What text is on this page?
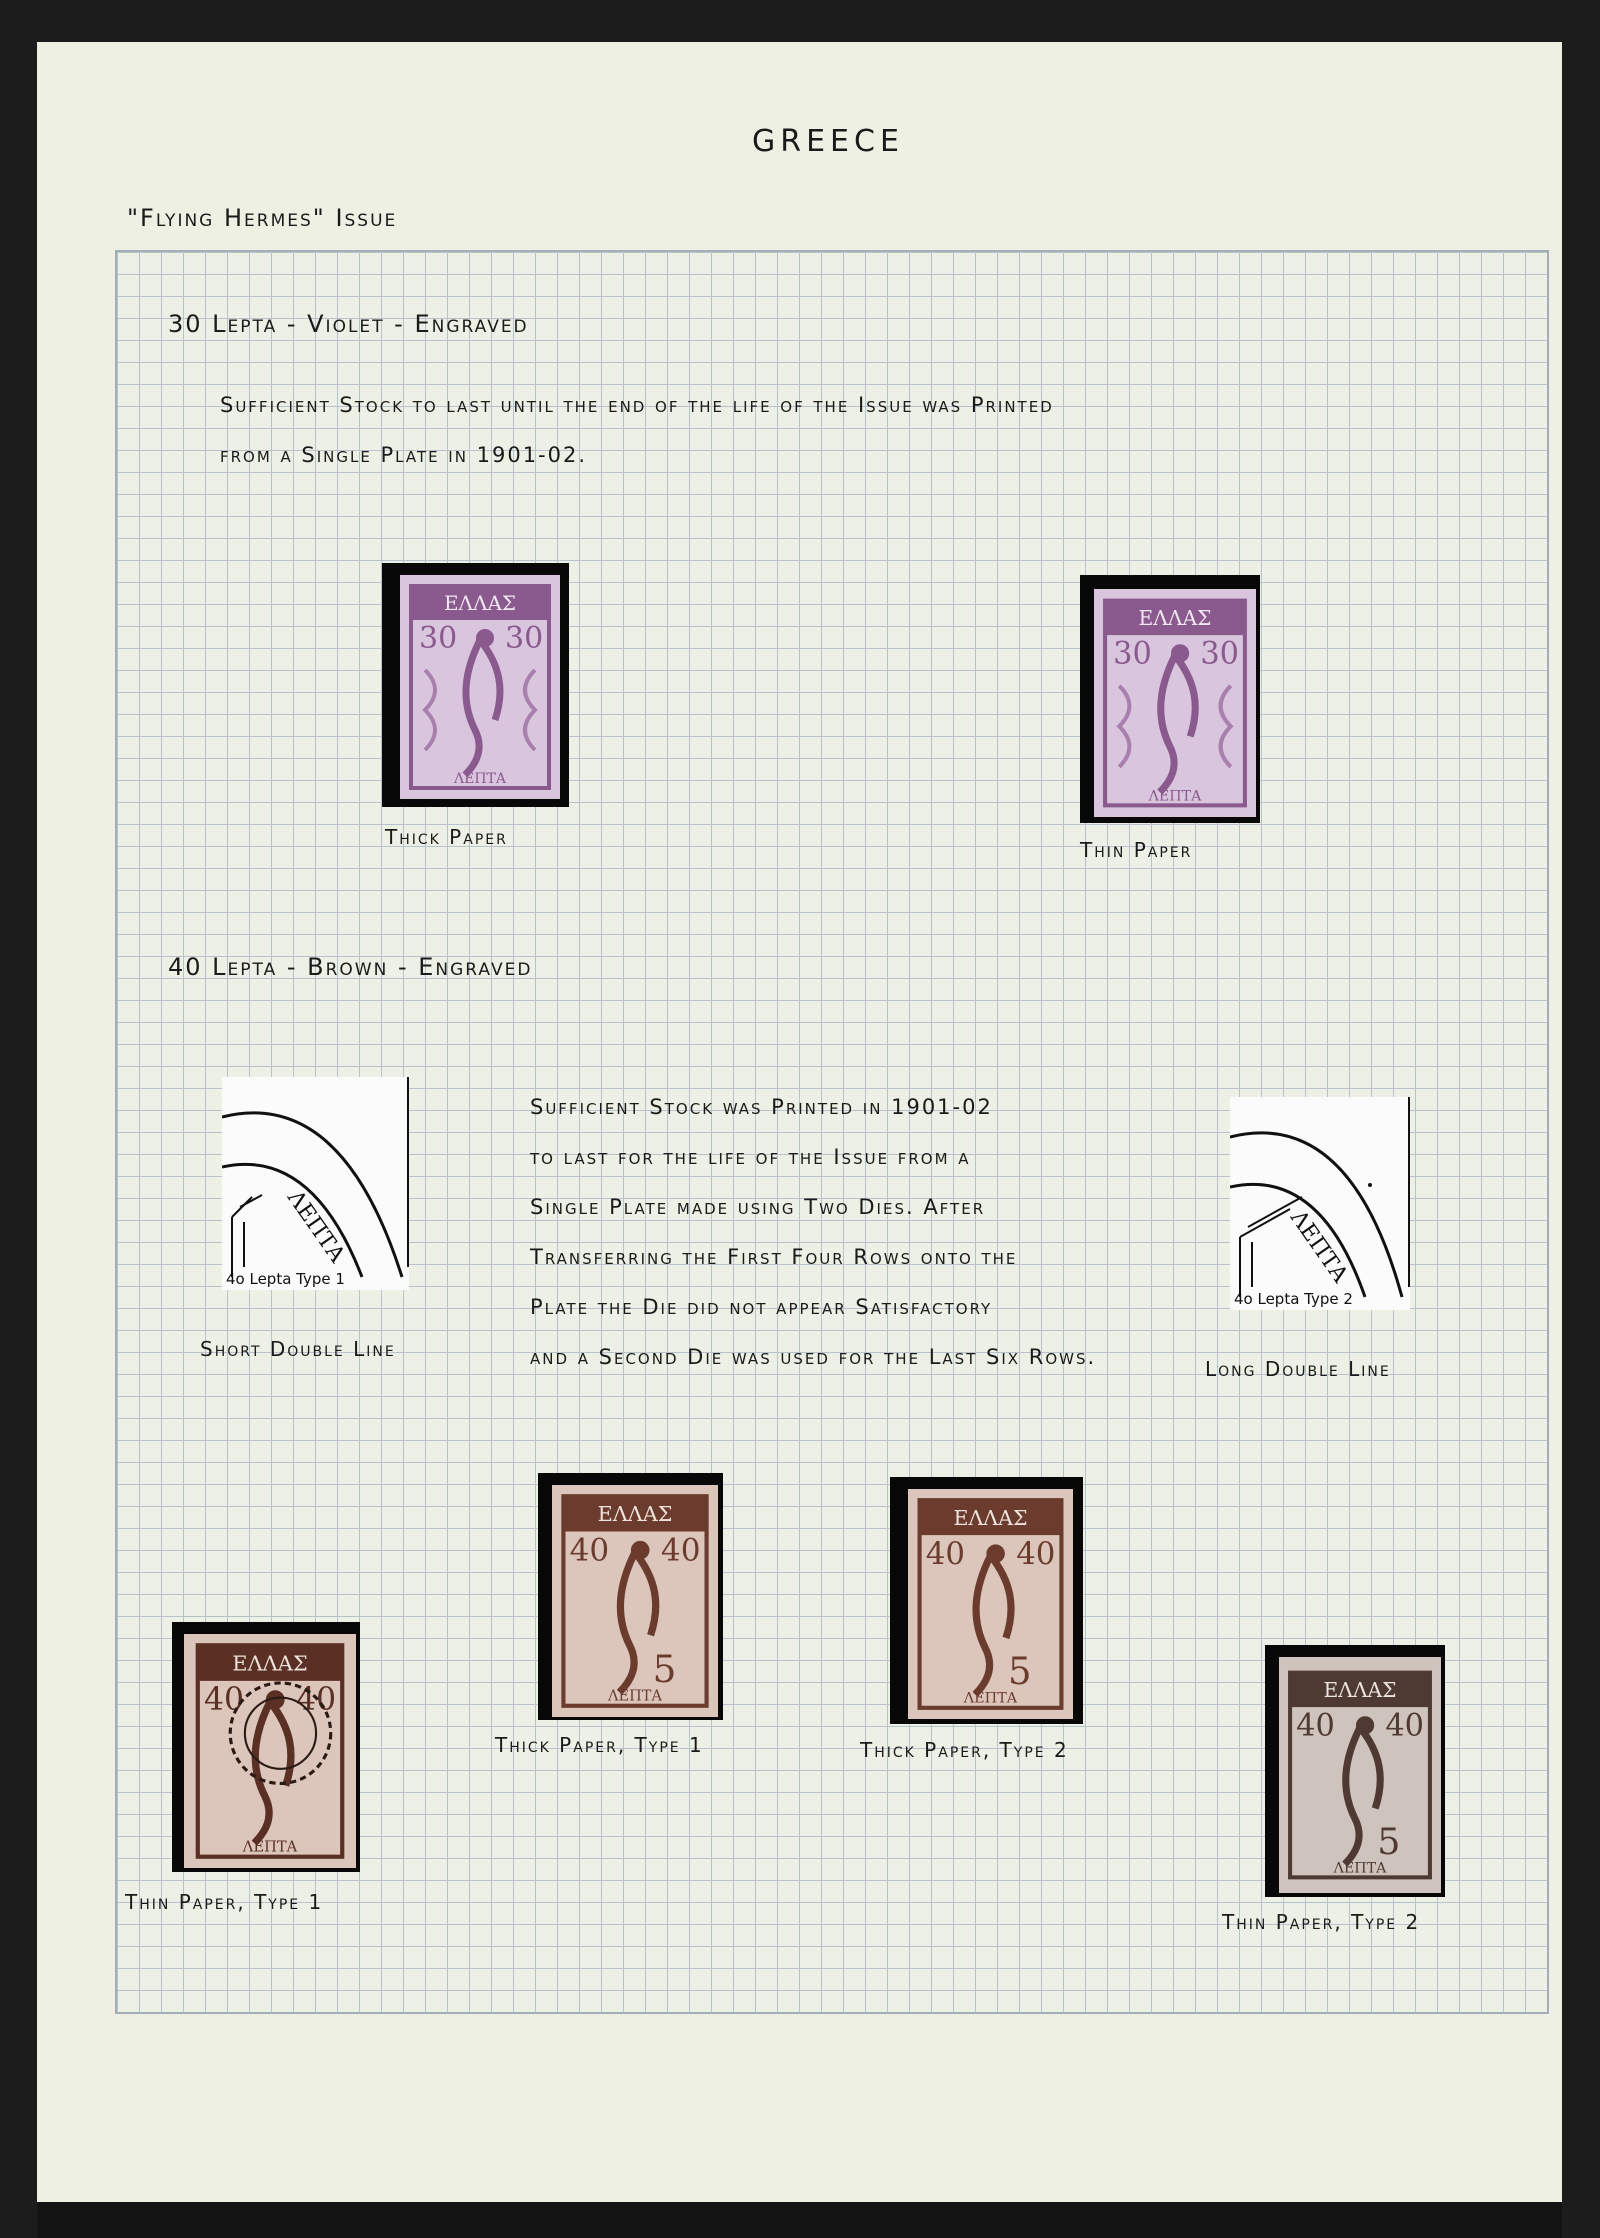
GREECE
"Flying Hermes" Issue
30 Lepta - Violet - Engraved
Sufficient Stock to last until the end of the life of the Issue was Printed
from a Single Plate in 1901-02.
ΕΛΛΑΣ
30 30
ΛΕΠΤΑ
Thick Paper
ΕΛΛΑΣ
30 30
ΛΕΠΤΑ
Thin Paper
40 Lepta - Brown - Engraved
ΛΕΠΤΑ
4o Lepta Type 1
Short Double Line
Sufficient Stock was Printed in 1901-02
to last for the life of the Issue from a
Single Plate made using Two Dies. After
Transferring the First Four Rows onto the
Plate the Die did not appear Satisfactory
and a Second Die was used for the Last Six Rows.
ΛΕΠΤΑ
4o Lepta Type 2
Long Double Line
ΕΛΛΑΣ
40 40
5
ΛΕΠΤΑ
Thick Paper, Type 1
ΕΛΛΑΣ
40 40
5
ΛΕΠΤΑ
Thick Paper, Type 2
ΕΛΛΑΣ
40 40
ΛΕΠΤΑ
Thin Paper, Type 1
ΕΛΛΑΣ
40 40
5
ΛΕΠΤΑ
Thin Paper, Type 2
